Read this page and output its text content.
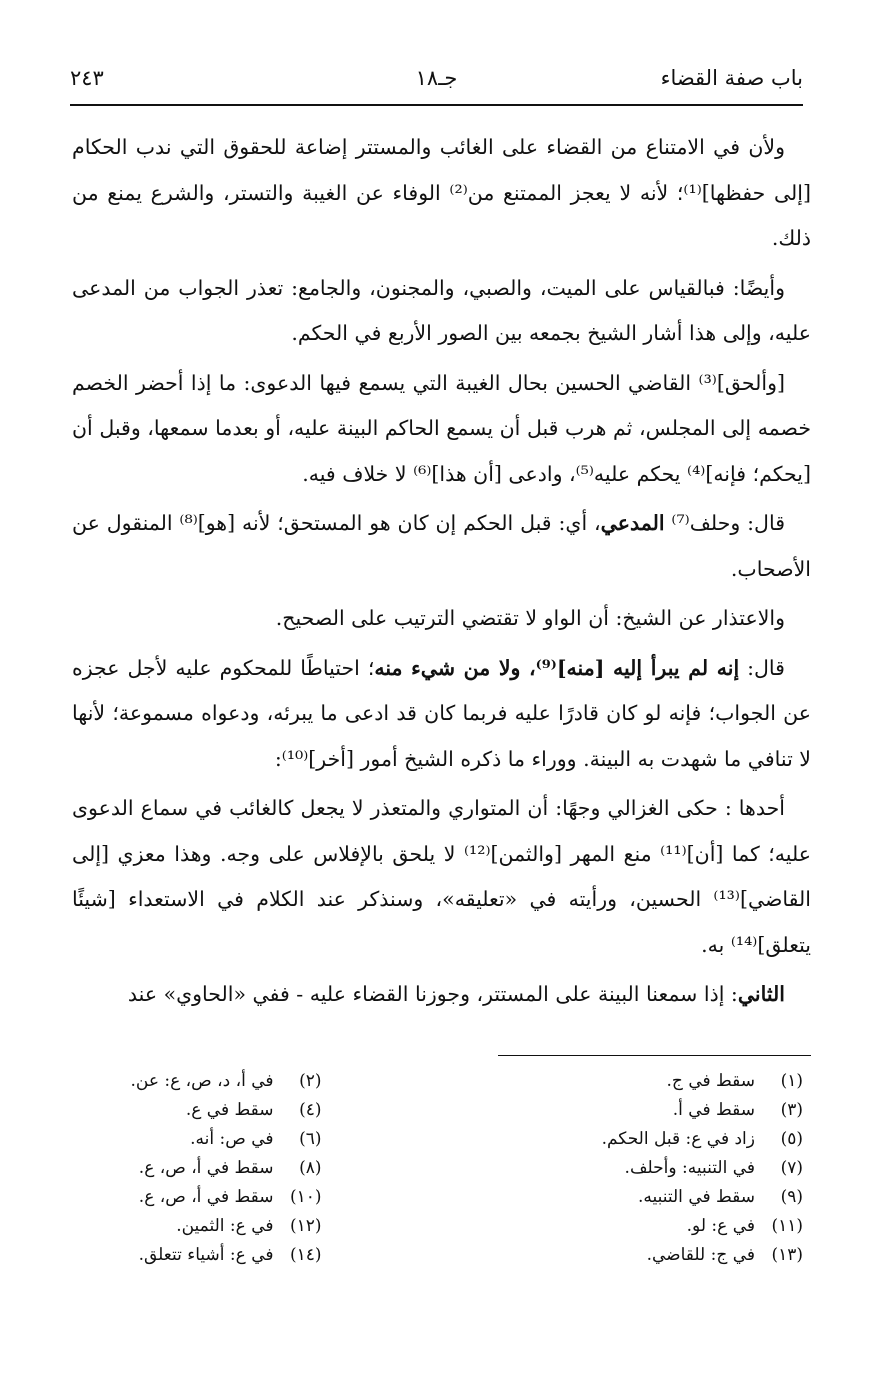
باب صفة القضاء
جـ١٨
٢٤٣

ولأن في الامتناع من القضاء على الغائب والمستتر إضاعة للحقوق التي ندب الحكام [إلى حفظها]⁽¹⁾؛ لأنه لا يعجز الممتنع من⁽²⁾ الوفاء عن الغيبة والتستر، والشرع يمنع من ذلك.

وأيضًا: فبالقياس على الميت، والصبي، والمجنون، والجامع: تعذر الجواب من المدعى عليه، وإلى هذا أشار الشيخ بجمعه بين الصور الأربع في الحكم.

[وألحق]⁽³⁾ القاضي الحسين بحال الغيبة التي يسمع فيها الدعوى: ما إذا أحضر الخصم خصمه إلى المجلس، ثم هرب قبل أن يسمع الحاكم البينة عليه، أو بعدما سمعها، وقبل أن [يحكم؛ فإنه]⁽⁴⁾ يحكم عليه⁽⁵⁾، وادعى [أن هذا]⁽⁶⁾ لا خلاف فيه.

قال: وحلف⁽⁷⁾ المدعي، أي: قبل الحكم إن كان هو المستحق؛ لأنه [هو]⁽⁸⁾ المنقول عن الأصحاب.

والاعتذار عن الشيخ: أن الواو لا تقتضي الترتيب على الصحيح.

قال: إنه لم يبرأ إليه [منه]⁽⁹⁾، ولا من شيء منه؛ احتياطًا للمحكوم عليه لأجل عجزه عن الجواب؛ فإنه لو كان قادرًا عليه فربما كان قد ادعى ما يبرئه، ودعواه مسموعة؛ لأنها لا تنافي ما شهدت به البينة. ووراء ما ذكره الشيخ أمور [أخر]⁽¹⁰⁾:

أحدها : حكى الغزالي وجهًا: أن المتواري والمتعذر لا يجعل كالغائب في سماع الدعوى عليه؛ كما [أن]⁽¹¹⁾ منع المهر [والثمن]⁽¹²⁾ لا يلحق بالإفلاس على وجه. وهذا معزي [إلى القاضي]⁽¹³⁾ الحسين، ورأيته في «تعليقه»، وسنذكر عند الكلام في الاستعداء [شيئًا يتعلق]⁽¹⁴⁾ به.

الثاني: إذا سمعنا البينة على المستتر، وجوزنا القضاء عليه - ففي «الحاوي» عند

(١)سقط في ج.
(٢)في أ، د، ص، ع: عن.
(٣)سقط في أ.
(٤)سقط في ع.
(٥)زاد في ع: قبل الحكم.
(٦)في ص: أنه.
(٧)في التنبيه: وأحلف.
(٨)سقط في أ، ص، ع.
(٩)سقط في التنبيه.
(١٠)سقط في أ، ص، ع.
(١١)في ع: لو.
(١٢)في ع: الثمين.
(١٣)في ج: للقاضي.
(١٤)في ع: أشياء تتعلق.
